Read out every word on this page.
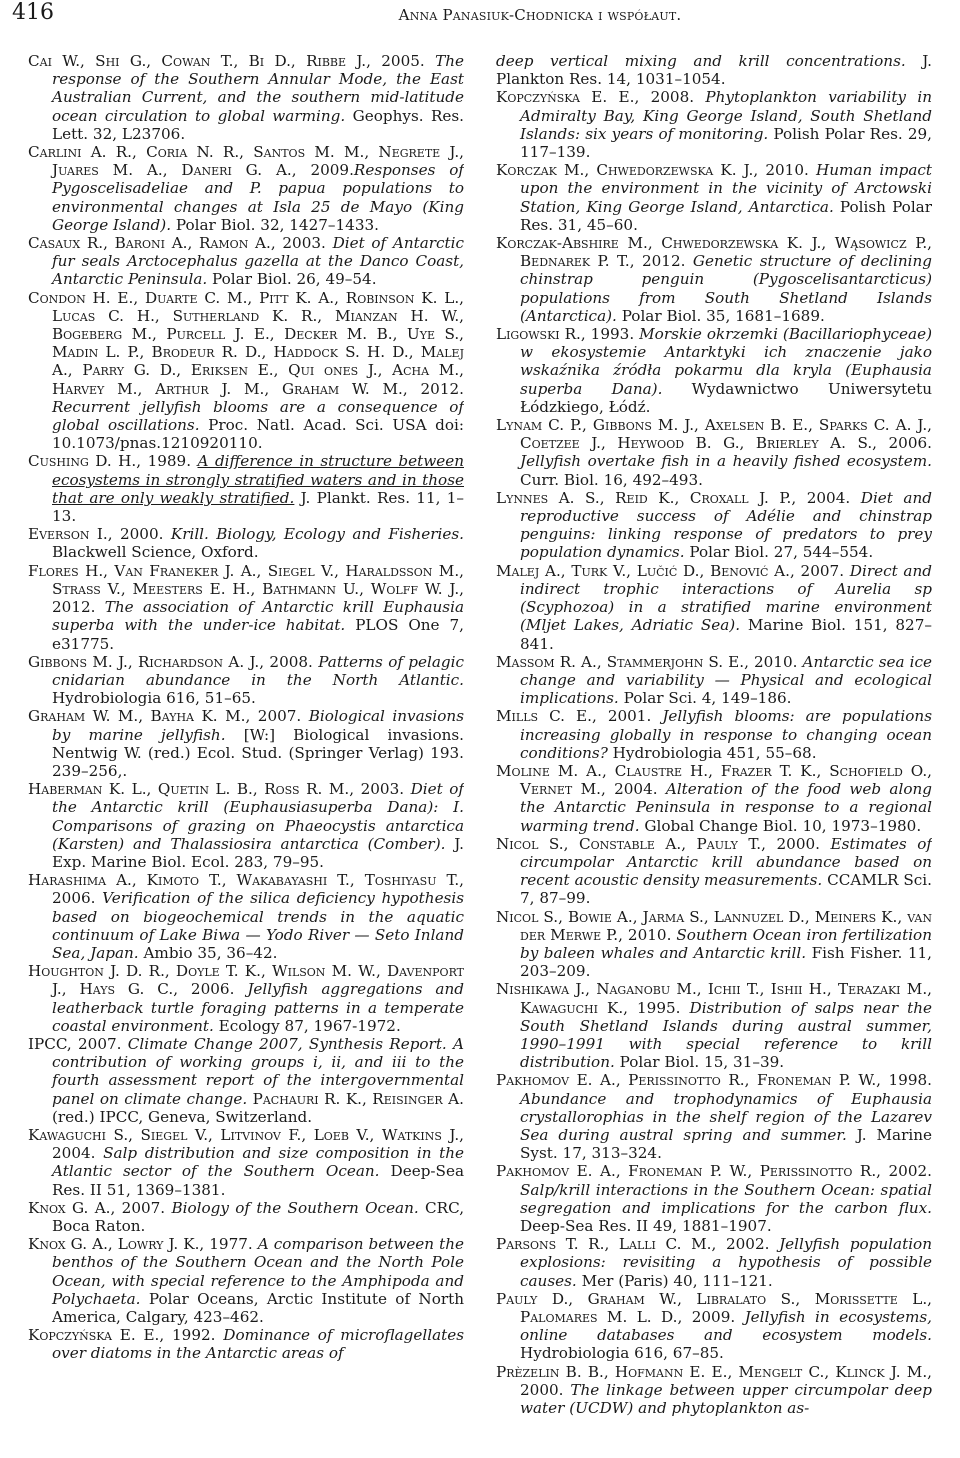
416	Anna Panasiuk-Chodnicka i współaut.

Cai W., Shi G., Cowan T., Bi D., Ribbe J., 2005. The response of the Southern Annular Mode, the East Australian Current, and the southern mid-latitude ocean circulation to global warming. Geophys. Res. Lett. 32, L23706.

Carlini A. R., Coria N. R., Santos M. M., Negrete J., Juares M. A., Daneri G. A., 2009.Responses of Pygoscelisadeliae and P. papua populations to environmental changes at Isla 25 de Mayo (King George Island). Polar Biol. 32, 1427–1433.

Casaux R., Baroni A., Ramon A., 2003. Diet of Antarctic fur seals Arctocephalus gazella at the Danco Coast, Antarctic Peninsula. Polar Biol. 26, 49–54.

Condon H. E., Duarte C. M., Pitt K. A., Robinson K. L., Lucas C. H., Sutherland K. R., Mianzan H. W., Bogeberg M., Purcell J. E., Decker M. B., Uye S., Madin L. P., Brodeur R. D., Haddock S. H. D., Malej A., Parry G. D., Eriksen E., Qui ones J., Acha M., Harvey M., Arthur J. M., Graham W. M., 2012. Recurrent jellyfish blooms are a consequence of global oscillations. Proc. Natl. Acad. Sci. USA doi: 10.1073/pnas.1210920110.

Cushing D. H., 1989. A difference in structure between ecosystems in strongly stratified waters and in those that are only weakly stratified. J. Plankt. Res. 11, 1–13.

Everson I., 2000. Krill. Biology, Ecology and Fisheries. Blackwell Science, Oxford.

Flores H., Van Franeker J. A., Siegel V., Haraldsson M., Strass V., Meesters E. H., Bathmann U., Wolff W. J., 2012. The association of Antarctic krill Euphausia superba with the under-ice habitat. PLOS One 7, e31775.

Gibbons M. J., Richardson A. J., 2008. Patterns of pelagic cnidarian abundance in the North Atlantic. Hydrobiologia 616, 51–65.

Graham W. M., Bayha K. M., 2007. Biological invasions by marine jellyfish. [W:] Biological invasions. Nentwig W. (red.) Ecol. Stud. (Springer Verlag) 193. 239–256,.

Haberman K. L., Quetin L. B., Ross R. M., 2003. Diet of the Antarctic krill (Euphausiasuperba Dana): I. Comparisons of grazing on Phaeocystis antarctica (Karsten) and Thalassiosira antarctica (Comber). J. Exp. Marine Biol. Ecol. 283, 79–95.

Harashima A., Kimoto T., Wakabayashi T., Toshiyasu T., 2006. Verification of the silica deficiency hypothesis based on biogeochemical trends in the aquatic continuum of Lake Biwa — Yodo River — Seto Inland Sea, Japan. Ambio 35, 36–42.

Houghton J. D. R., Doyle T. K., Wilson M. W., Davenport J., Hays G. C., 2006. Jellyfish aggregations and leatherback turtle foraging patterns in a temperate coastal environment. Ecology 87, 1967-1972.

IPCC, 2007. Climate Change 2007, Synthesis Report. A contribution of working groups i, ii, and iii to the fourth assessment report of the intergovernmental panel on climate change. Pachauri R. K., Reisinger A. (red.) IPCC, Geneva, Switzerland.

Kawaguchi S., Siegel V., Litvinov F., Loeb V., Watkins J., 2004. Salp distribution and size composition in the Atlantic sector of the Southern Ocean. Deep-Sea Res. II 51, 1369–1381.

Knox G. A., 2007. Biology of the Southern Ocean. CRC, Boca Raton.

Knox G. A., Lowry J. K., 1977. A comparison between the benthos of the Southern Ocean and the North Pole Ocean, with special reference to the Amphipoda and Polychaeta. Polar Oceans, Arctic Institute of North America, Calgary, 423–462.

Kopczyńska E. E., 1992. Dominance of microflagellates over diatoms in the Antarctic areas of

deep vertical mixing and krill concentrations. J. Plankton Res. 14, 1031–1054.

Kopczyńska E. E., 2008. Phytoplankton variability in Admiralty Bay, King George Island, South Shetland Islands: six years of monitoring. Polish Polar Res. 29, 117–139.

Korczak M., Chwedorzewska K. J., 2010. Human impact upon the environment in the vicinity of Arctowski Station, King George Island, Antarctica. Polish Polar Res. 31, 45–60.

Korczak-Abshire M., Chwedorzewska K. J., Wąsowicz P., Bednarek P. T., 2012. Genetic structure of declining chinstrap penguin (Pygoscelisantarcticus) populations from South Shetland Islands (Antarctica). Polar Biol. 35, 1681–1689.

Ligowski R., 1993. Morskie okrzemki (Bacillariophyceae) w ekosystemie Antarktyki ich znaczenie jako wskaźnika źródła pokarmu dla kryla (Euphausia superba Dana). Wydawnictwo Uniwersytetu Łódzkiego, Łódź.

Lynam C. P., Gibbons M. J., Axelsen B. E., Sparks C. A. J., Coetzee J., Heywood B. G., Brierley A. S., 2006. Jellyfish overtake fish in a heavily fished ecosystem. Curr. Biol. 16, 492–493.

Lynnes A. S., Reid K., Croxall J. P., 2004. Diet and reproductive success of Adélie and chinstrap penguins: linking response of predators to prey population dynamics. Polar Biol. 27, 544–554.

Malej A., Turk V., Lučić D., Benović A., 2007. Direct and indirect trophic interactions of Aurelia sp (Scyphozoa) in a stratified marine environment (Mljet Lakes, Adriatic Sea). Marine Biol. 151, 827–841.

Massom R. A., Stammerjohn S. E., 2010. Antarctic sea ice change and variability — Physical and ecological implications. Polar Sci. 4, 149–186.

Mills C. E., 2001. Jellyfish blooms: are populations increasing globally in response to changing ocean conditions? Hydrobiologia 451, 55–68.

Moline M. A., Claustre H., Frazer T. K., Schofield O., Vernet M., 2004. Alteration of the food web along the Antarctic Peninsula in response to a regional warming trend. Global Change Biol. 10, 1973–1980.

Nicol S., Constable A., Pauly T., 2000. Estimates of circumpolar Antarctic krill abundance based on recent acoustic density measurements. CCAMLR Sci. 7, 87–99.

Nicol S., Bowie A., Jarma S., Lannuzel D., Meiners K., van der Merwe P., 2010. Southern Ocean iron fertilization by baleen whales and Antarctic krill. Fish Fisher. 11, 203–209.

Nishikawa J., Naganobu M., Ichii T., Ishii H., Terazaki M., Kawaguchi K., 1995. Distribution of salps near the South Shetland Islands during austral summer, 1990–1991 with special reference to krill distribution. Polar Biol. 15, 31–39.

Pakhomov E. A., Perissinotto R., Froneman P. W., 1998. Abundance and trophodynamics of Euphausia crystallorophias in the shelf region of the Lazarev Sea during austral spring and summer. J. Marine Syst. 17, 313–324.

Pakhomov E. A., Froneman P. W., Perissinotto R., 2002. Salp/krill interactions in the Southern Ocean: spatial segregation and implications for the carbon flux. Deep-Sea Res. II 49, 1881–1907.

Parsons T. R., Lalli C. M., 2002. Jellyfish population explosions: revisiting a hypothesis of possible causes. Mer (Paris) 40, 111–121.

Pauly D., Graham W., Libralato S., Morissette L., Palomares M. L. D., 2009. Jellyfish in ecosystems, online databases and ecosystem models. Hydrobiologia 616, 67–85.

Prèzelin B. B., Hofmann E. E., Mengelt C., Klinck J. M., 2000. The linkage between upper circumpolar deep water (UCDW) and phytoplankton as-
